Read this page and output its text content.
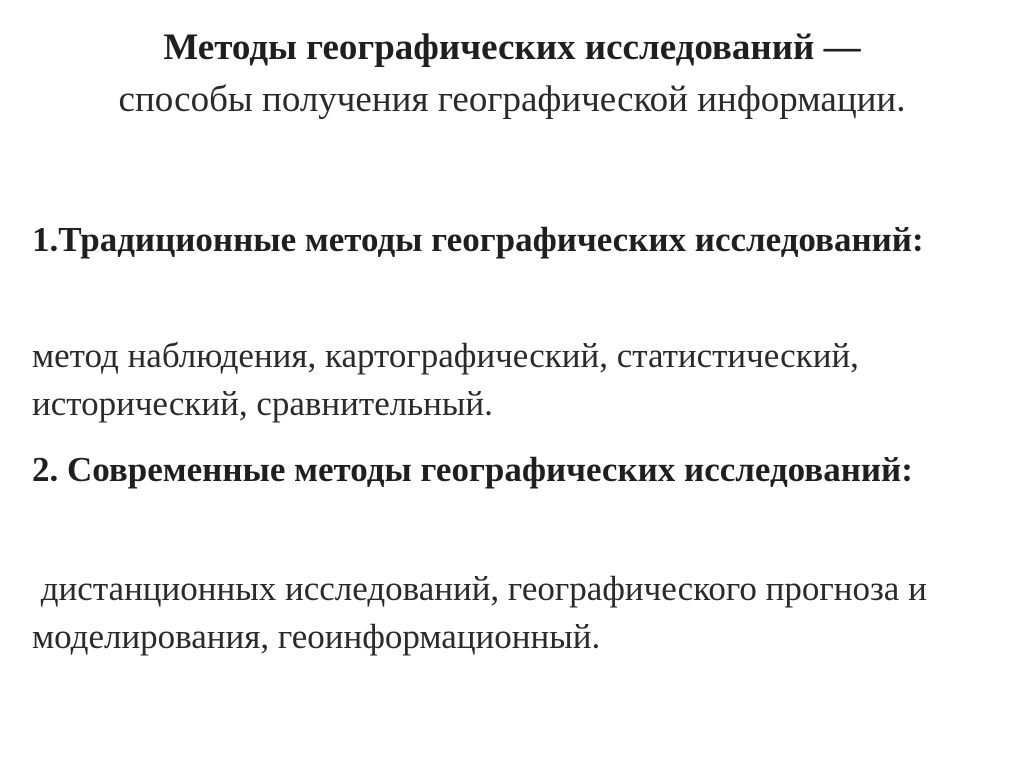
Методы географических исследований —
способы получения географической информации.
1.Традиционные методы географических исследований:
метод наблюдения, картографический, статистический, исторический, сравнительный.
2. Современные методы географических исследований:
дистанционных исследований, географического прогноза и моделирования, геоинформационный.
